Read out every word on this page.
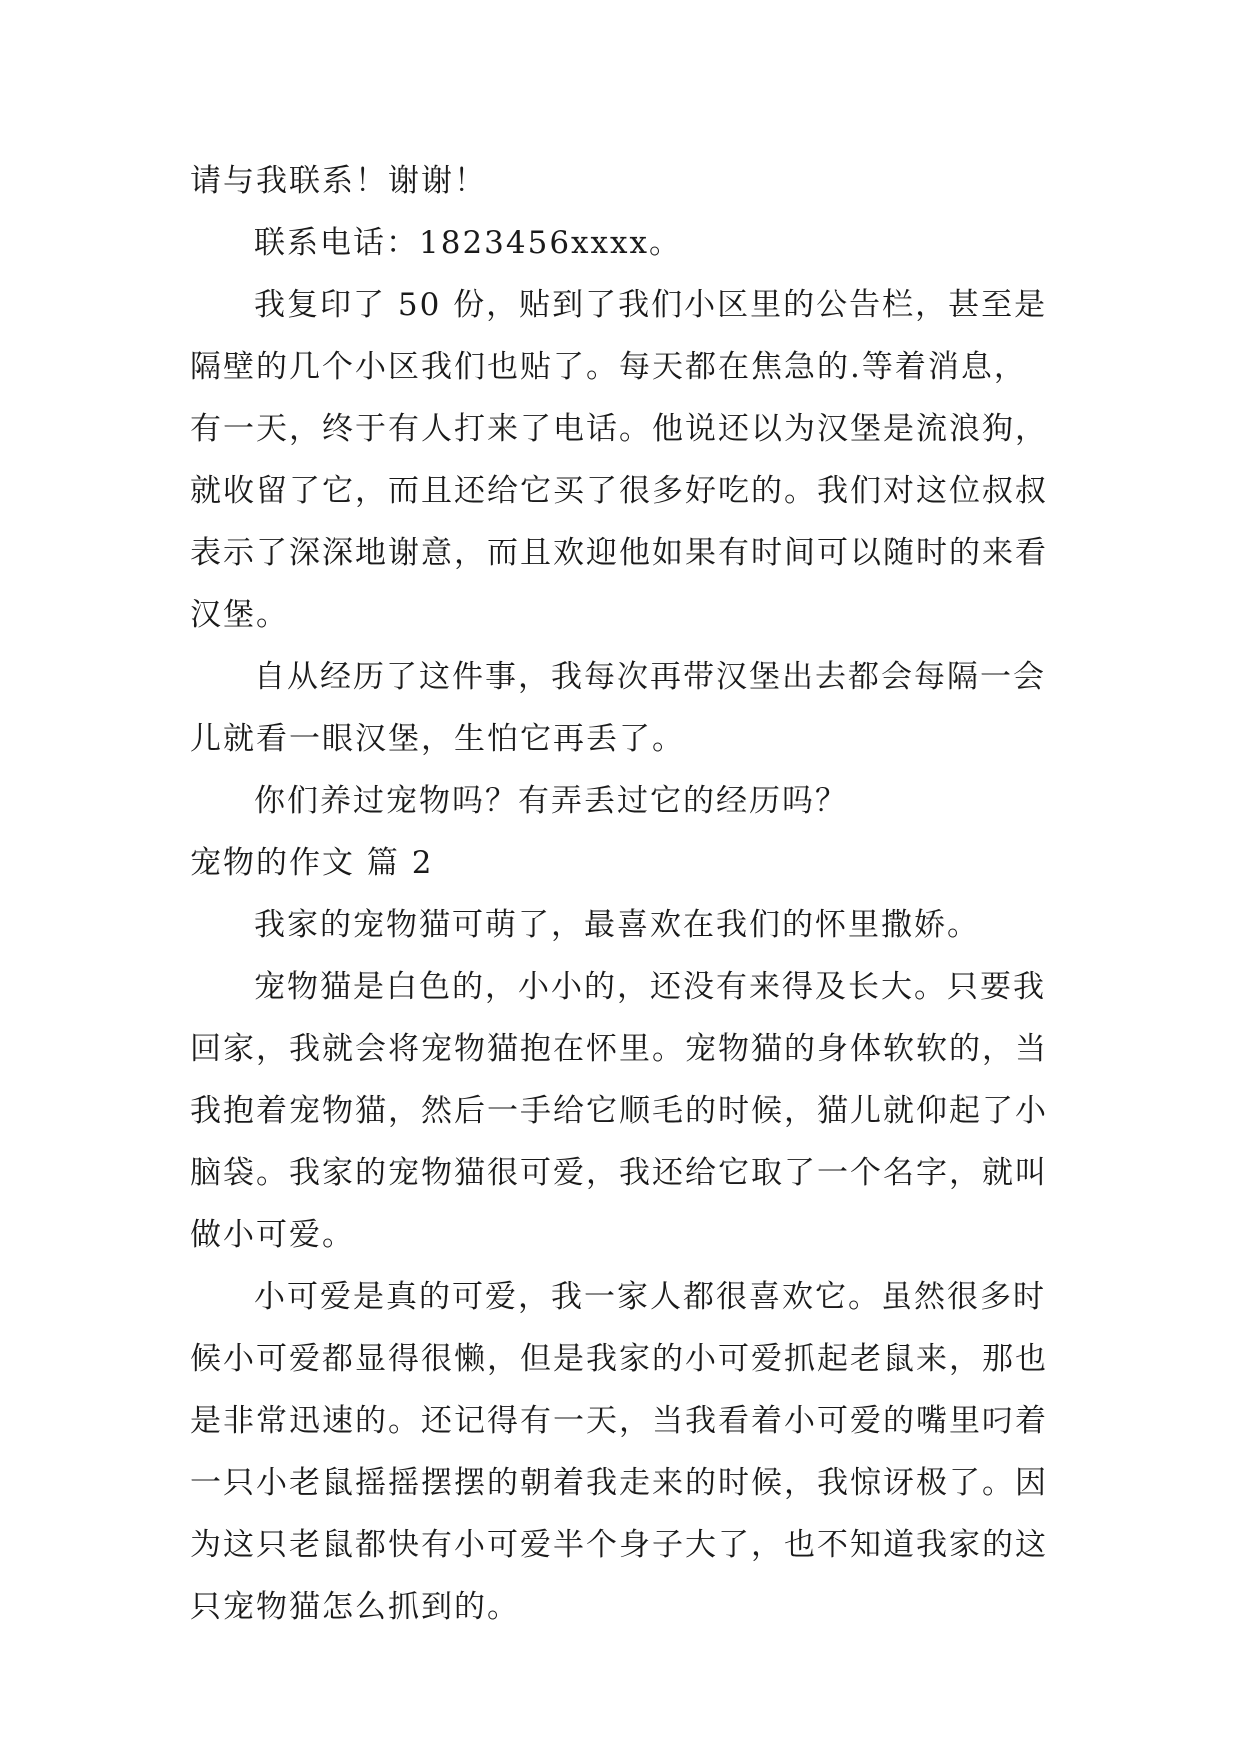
请与我联系！谢谢！
联系电话：1823456xxxx。
我复印了 50 份，贴到了我们小区里的公告栏，甚至是
隔壁的几个小区我们也贴了。每天都在焦急的.等着消息，
有一天，终于有人打来了电话。他说还以为汉堡是流浪狗，
就收留了它，而且还给它买了很多好吃的。我们对这位叔叔
表示了深深地谢意，而且欢迎他如果有时间可以随时的来看
汉堡。
自从经历了这件事，我每次再带汉堡出去都会每隔一会
儿就看一眼汉堡，生怕它再丢了。
你们养过宠物吗？有弄丢过它的经历吗？
宠物的作文 篇 2
我家的宠物猫可萌了，最喜欢在我们的怀里撒娇。
宠物猫是白色的，小小的，还没有来得及长大。只要我
回家，我就会将宠物猫抱在怀里。宠物猫的身体软软的，当
我抱着宠物猫，然后一手给它顺毛的时候，猫儿就仰起了小
脑袋。我家的宠物猫很可爱，我还给它取了一个名字，就叫
做小可爱。
小可爱是真的可爱，我一家人都很喜欢它。虽然很多时
候小可爱都显得很懒，但是我家的小可爱抓起老鼠来，那也
是非常迅速的。还记得有一天，当我看着小可爱的嘴里叼着
一只小老鼠摇摇摆摆的朝着我走来的时候，我惊讶极了。因
为这只老鼠都快有小可爱半个身子大了，也不知道我家的这
只宠物猫怎么抓到的。
